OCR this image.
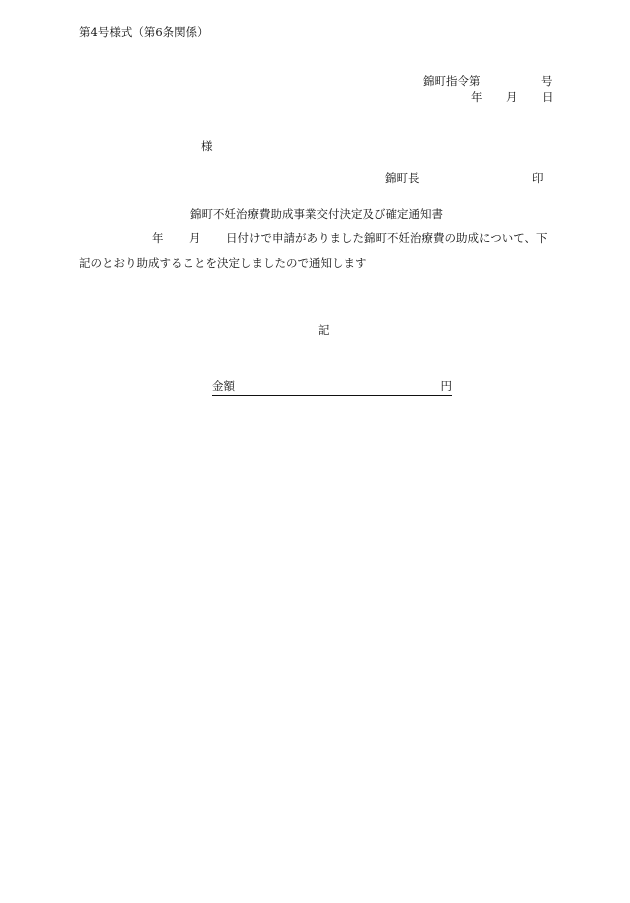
第4号様式（第6条関係）
錦町指令第	号
年 月 日
様
錦町長	印
錦町不妊治療費助成事業交付決定及び確定通知書
年 月 日付けで申請がありました錦町不妊治療費の助成について、下
記のとおり助成することを決定しましたので通知します
記
金額	円
